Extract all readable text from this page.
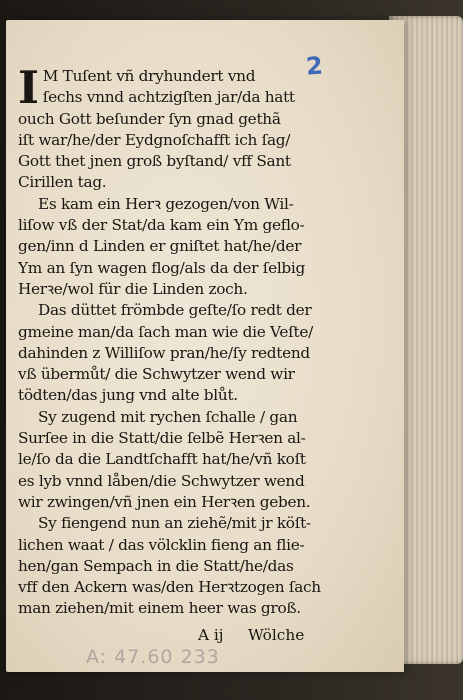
2
I M Tuſent vñ dryhundert vnd
ſechs vnnd achtzigſten jar/da hatt
ouch Gott beſunder ſyn gnad gethã
iſt war/he/der Eydgnoſchafft ich ſag/
Gott thet jnen groß byſtand/ vff Sant
Cirillen tag.
Es kam ein Herꝛ gezogen/von Wil-
liſow vß der Stat/da kam ein Ym geflo-
gen/inn d Linden er gniſtet hat/he/der
Ym an ſyn wagen flog/als da der ſelbig
Herꝛe/wol für die Linden zoch.
Das düttet frömbde geſte/ſo redt der
gmeine man/da ſach man wie die Veſte/
dahinden z Williſow pran/he/ſy redtend
vß übermůt/ die Schwytzer wend wir
tödten/das jung vnd alte blůt.
Sy zugend mit rychen ſchalle / gan
Surſee in die Statt/die ſelbẽ Herꝛen al-
le/ſo da die Landtſchafft hat/he/vñ koſt
es lyb vnnd låben/die Schwytzer wend
wir zwingen/vñ jnen ein Herꝛen geben.
Sy fiengend nun an ziehẽ/mit jr köſt-
lichen waat / das völcklin fieng an flie-
hen/gan Sempach in die Statt/he/das
vff den Ackern was/den Herꝛtzogen ſach
man ziehen/mit einem heer was groß.
A ij Wölche
A: 47.60 233
